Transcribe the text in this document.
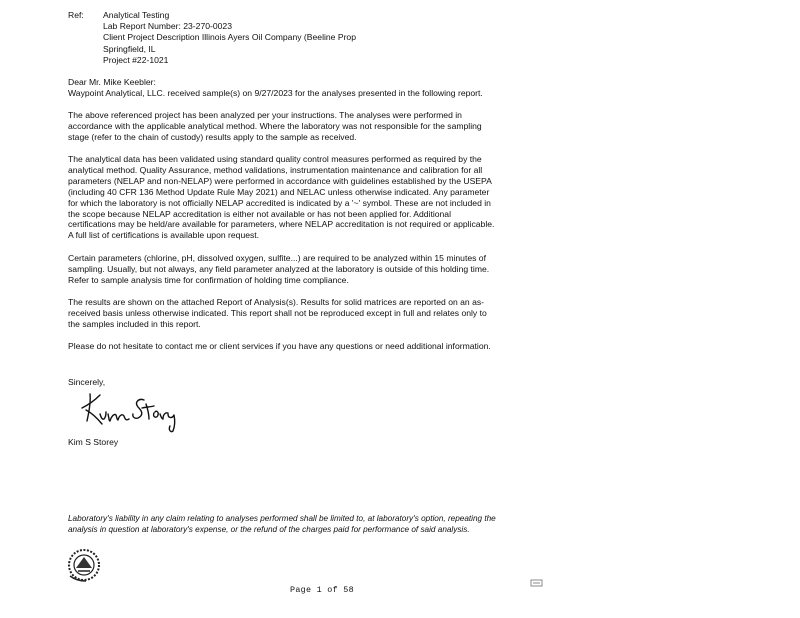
Ref: Analytical Testing
Lab Report Number: 23-270-0023
Client Project Description Illinois Ayers Oil Company (Beeline Prop
Springfield, IL
Project #22-1021
Dear Mr. Mike Keebler:
Waypoint Analytical, LLC. received sample(s) on 9/27/2023 for the analyses presented in the following report.
The above referenced project has been analyzed per your instructions. The analyses were performed in
accordance with the applicable analytical method. Where the laboratory was not responsible for the sampling
stage (refer to the chain of custody) results apply to the sample as received.
The analytical data has been validated using standard quality control measures performed as required by the
analytical method. Quality Assurance, method validations, instrumentation maintenance and calibration for all
parameters (NELAP and non-NELAP) were performed in accordance with guidelines established by the USEPA
(including 40 CFR 136 Method Update Rule May 2021) and NELAC unless otherwise indicated. Any parameter
for which the laboratory is not officially NELAP accredited is indicated by a '~' symbol. These are not included in
the scope because NELAP accreditation is either not available or has not been applied for. Additional
certifications may be held/are available for parameters, where NELAP accreditation is not required or applicable.
A full list of certifications is available upon request.
Certain parameters (chlorine, pH, dissolved oxygen, sulfite...) are required to be analyzed within 15 minutes of
sampling. Usually, but not always, any field parameter analyzed at the laboratory is outside of this holding time.
Refer to sample analysis time for confirmation of holding time compliance.
The results are shown on the attached Report of Analysis(s). Results for solid matrices are reported on an as-
received basis unless otherwise indicated. This report shall not be reproduced except in full and relates only to
the samples included in this report.
Please do not hesitate to contact me or client services if you have any questions or need additional information.
Sincerely,
Kim S Storey
Laboratory's liability in any claim relating to analyses performed shall be limited to, at laboratory's option, repeating the
analysis in question at laboratory's expense, or the refund of the charges paid for performance of said analysis.
Page 1 of 58
